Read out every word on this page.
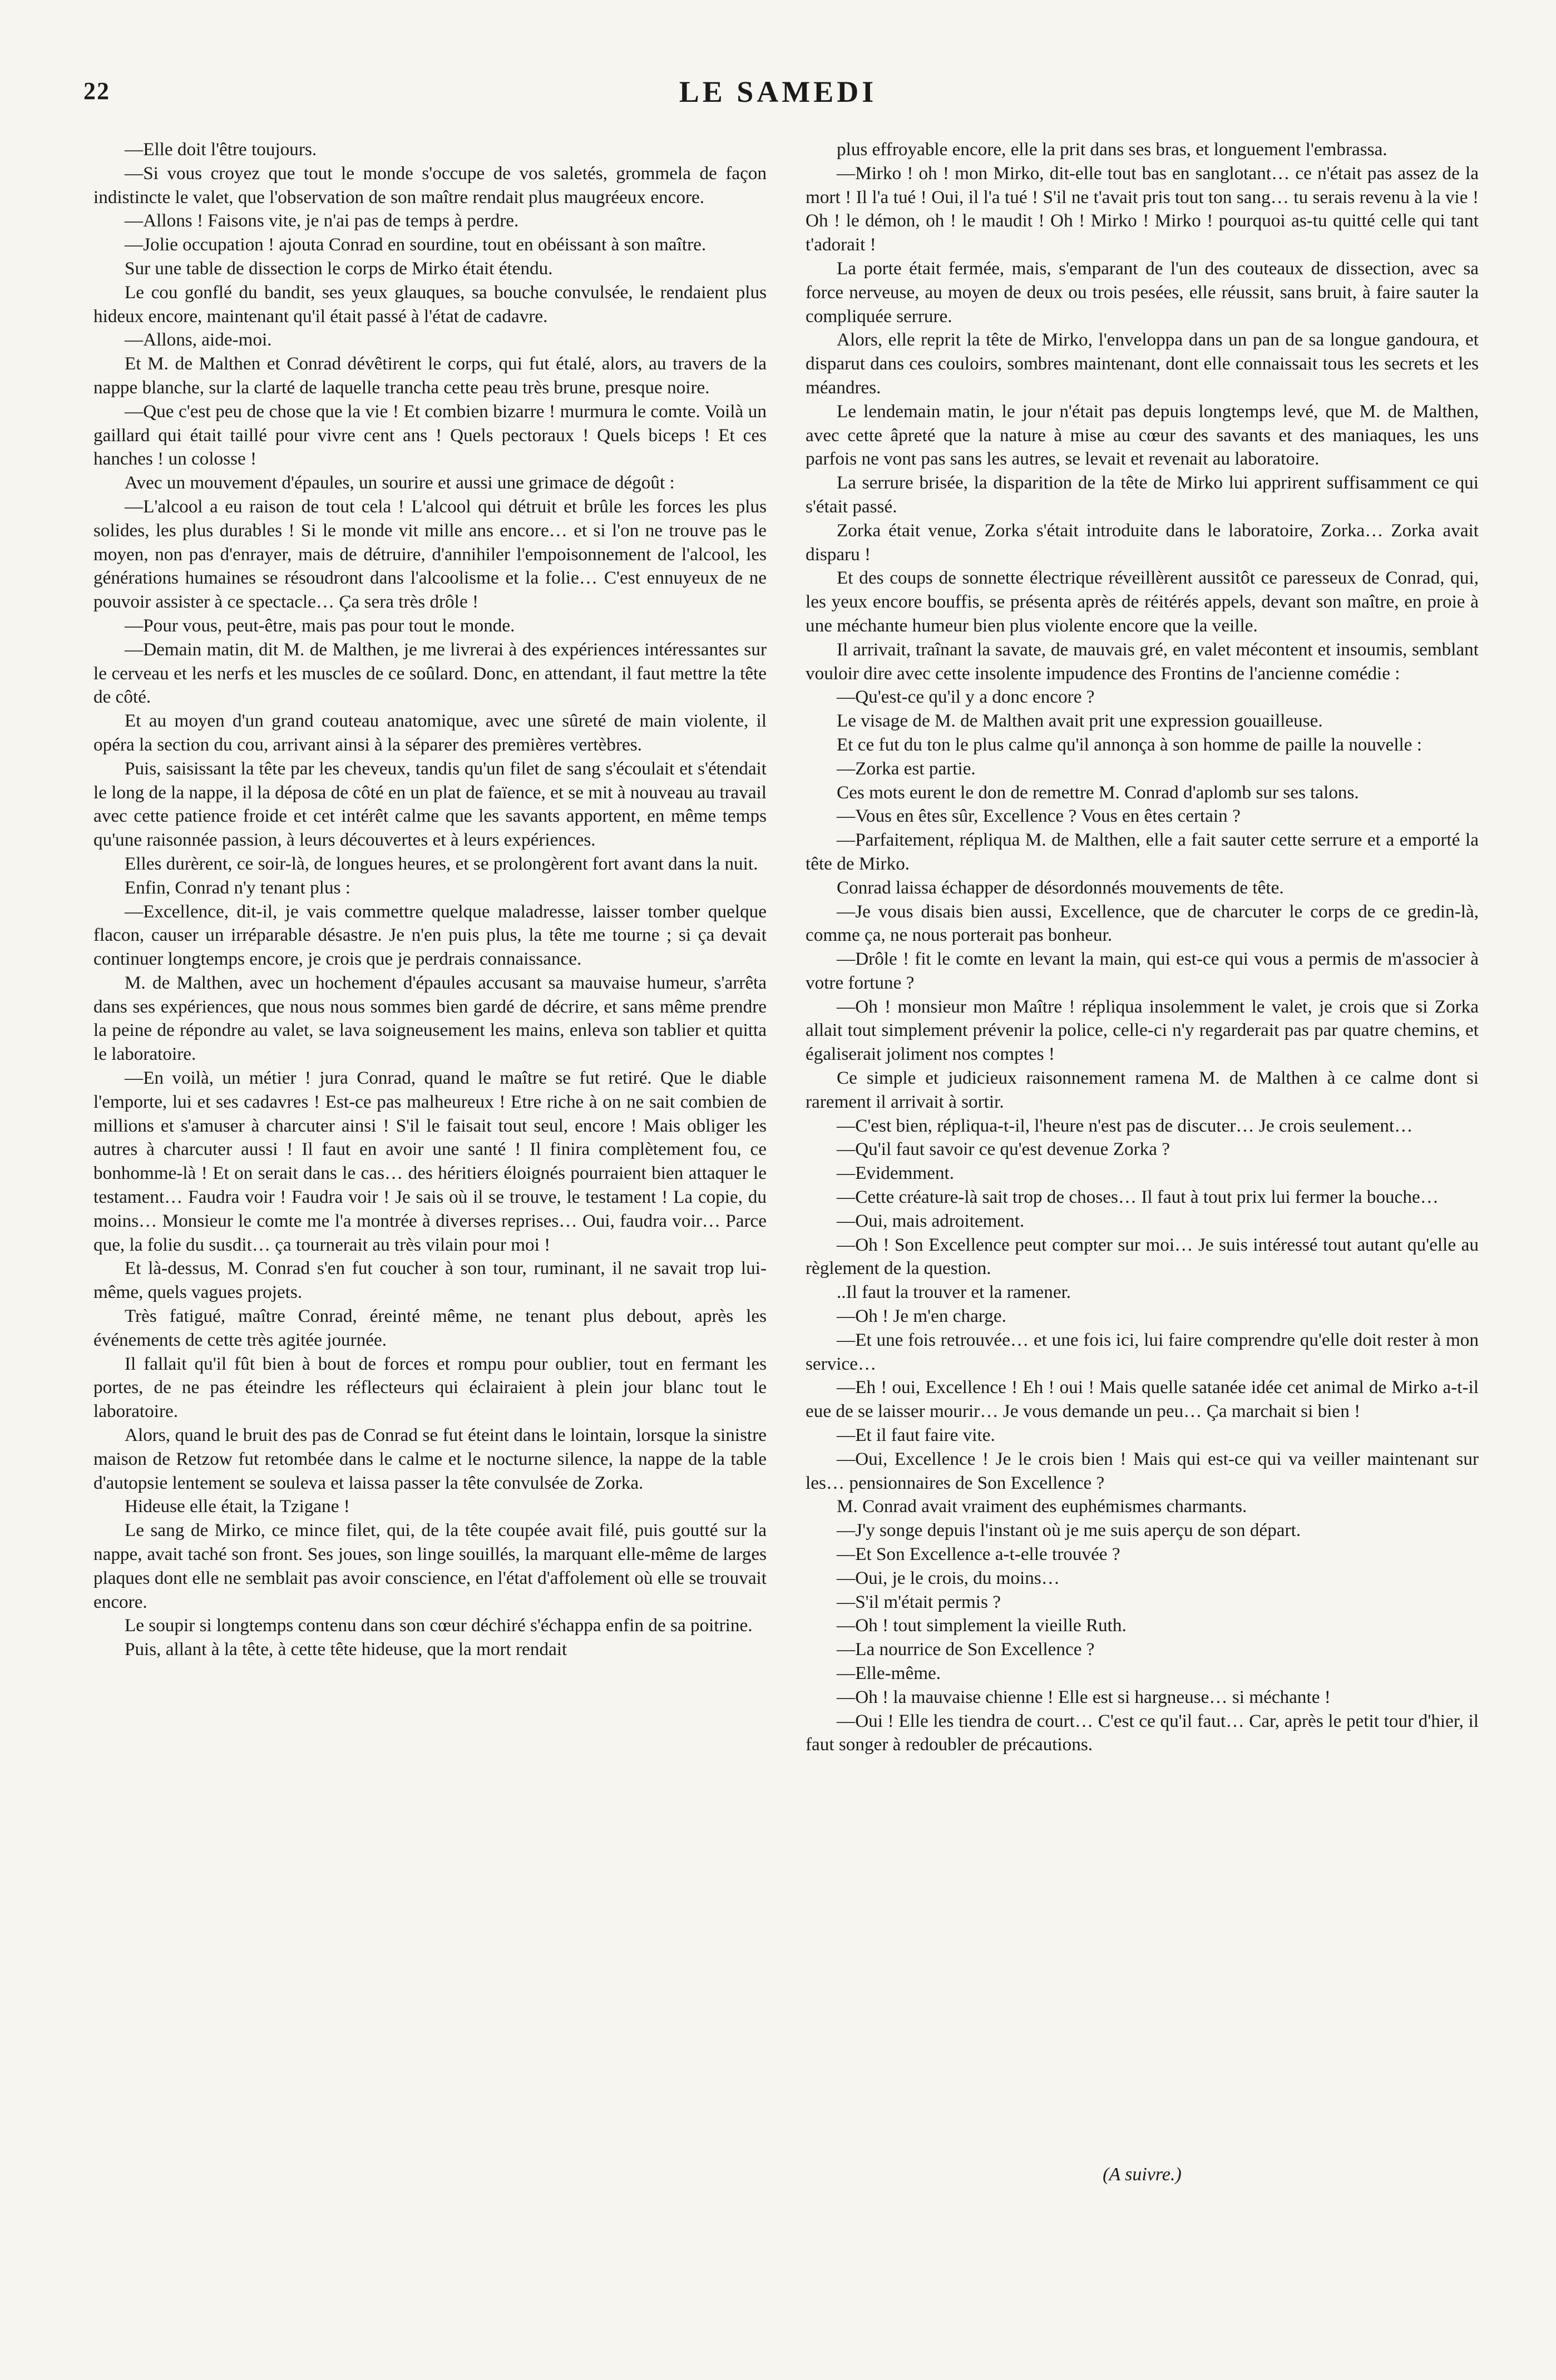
22	LE SAMEDI

—Elle doit l'être toujours.

—Si vous croyez que tout le monde s'occupe de vos saletés, grommela de façon indistincte le valet, que l'observation de son maître rendait plus maugréeux encore.

—Allons ! Faisons vite, je n'ai pas de temps à perdre.

—Jolie occupation ! ajouta Conrad en sourdine, tout en obéissant à son maître.

Sur une table de dissection le corps de Mirko était étendu.

Le cou gonflé du bandit, ses yeux glauques, sa bouche convulsée, le rendaient plus hideux encore, maintenant qu'il était passé à l'état de cadavre.

—Allons, aide-moi.

Et M. de Malthen et Conrad dévêtirent le corps, qui fut étalé, alors, au travers de la nappe blanche, sur la clarté de laquelle trancha cette peau très brune, presque noire.

—Que c'est peu de chose que la vie ! Et combien bizarre ! murmura le comte. Voilà un gaillard qui était taillé pour vivre cent ans ! Quels pectoraux ! Quels biceps ! Et ces hanches ! un colosse !

Avec un mouvement d'épaules, un sourire et aussi une grimace de dégoût :

—L'alcool a eu raison de tout cela ! L'alcool qui détruit et brûle les forces les plus solides, les plus durables ! Si le monde vit mille ans encore… et si l'on ne trouve pas le moyen, non pas d'enrayer, mais de détruire, d'annihiler l'empoisonnement de l'alcool, les générations humaines se résoudront dans l'alcoolisme et la folie… C'est ennuyeux de ne pouvoir assister à ce spectacle… Ça sera très drôle !

—Pour vous, peut-être, mais pas pour tout le monde.

—Demain matin, dit M. de Malthen, je me livrerai à des expériences intéressantes sur le cerveau et les nerfs et les muscles de ce soûlard. Donc, en attendant, il faut mettre la tête de côté.

Et au moyen d'un grand couteau anatomique, avec une sûreté de main violente, il opéra la section du cou, arrivant ainsi à la séparer des premières vertèbres.

Puis, saisissant la tête par les cheveux, tandis qu'un filet de sang s'écoulait et s'étendait le long de la nappe, il la déposa de côté en un plat de faïence, et se mit à nouveau au travail avec cette patience froide et cet intérêt calme que les savants apportent, en même temps qu'une raisonnée passion, à leurs découvertes et à leurs expériences.

Elles durèrent, ce soir-là, de longues heures, et se prolongèrent fort avant dans la nuit.

Enfin, Conrad n'y tenant plus :

—Excellence, dit-il, je vais commettre quelque maladresse, laisser tomber quelque flacon, causer un irréparable désastre. Je n'en puis plus, la tête me tourne ; si ça devait continuer longtemps encore, je crois que je perdrais connaissance.

M. de Malthen, avec un hochement d'épaules accusant sa mauvaise humeur, s'arrêta dans ses expériences, que nous nous sommes bien gardé de décrire, et sans même prendre la peine de répondre au valet, se lava soigneusement les mains, enleva son tablier et quitta le laboratoire.

—En voilà, un métier ! jura Conrad, quand le maître se fut retiré. Que le diable l'emporte, lui et ses cadavres ! Est-ce pas malheureux ! Etre riche à on ne sait combien de millions et s'amuser à charcuter ainsi ! S'il le faisait tout seul, encore ! Mais obliger les autres à charcuter aussi ! Il faut en avoir une santé ! Il finira complètement fou, ce bonhomme-là ! Et on serait dans le cas… des héritiers éloignés pourraient bien attaquer le testament… Faudra voir ! Faudra voir ! Je sais où il se trouve, le testament ! La copie, du moins… Monsieur le comte me l'a montrée à diverses reprises… Oui, faudra voir… Parce que, la folie du susdit… ça tournerait au très vilain pour moi !

Et là-dessus, M. Conrad s'en fut coucher à son tour, ruminant, il ne savait trop lui-même, quels vagues projets.

Très fatigué, maître Conrad, éreinté même, ne tenant plus debout, après les événements de cette très agitée journée.

Il fallait qu'il fût bien à bout de forces et rompu pour oublier, tout en fermant les portes, de ne pas éteindre les réflecteurs qui éclairaient à plein jour blanc tout le laboratoire.

Alors, quand le bruit des pas de Conrad se fut éteint dans le lointain, lorsque la sinistre maison de Retzow fut retombée dans le calme et le nocturne silence, la nappe de la table d'autopsie lentement se souleva et laissa passer la tête convulsée de Zorka.

Hideuse elle était, la Tzigane !

Le sang de Mirko, ce mince filet, qui, de la tête coupée avait filé, puis goutté sur la nappe, avait taché son front. Ses joues, son linge souillés, la marquant elle-même de larges plaques dont elle ne semblait pas avoir conscience, en l'état d'affolement où elle se trouvait encore.

Le soupir si longtemps contenu dans son cœur déchiré s'échappa enfin de sa poitrine.

Puis, allant à la tête, à cette tête hideuse, que la mort rendait

plus effroyable encore, elle la prit dans ses bras, et longuement l'embrassa.

—Mirko ! oh ! mon Mirko, dit-elle tout bas en sanglotant… ce n'était pas assez de la mort ! Il l'a tué ! Oui, il l'a tué ! S'il ne t'avait pris tout ton sang… tu serais revenu à la vie ! Oh ! le démon, oh ! le maudit ! Oh ! Mirko ! Mirko ! pourquoi as-tu quitté celle qui tant t'adorait !

La porte était fermée, mais, s'emparant de l'un des couteaux de dissection, avec sa force nerveuse, au moyen de deux ou trois pesées, elle réussit, sans bruit, à faire sauter la compliquée serrure.

Alors, elle reprit la tête de Mirko, l'enveloppa dans un pan de sa longue gandoura, et disparut dans ces couloirs, sombres maintenant, dont elle connaissait tous les secrets et les méandres.

Le lendemain matin, le jour n'était pas depuis longtemps levé, que M. de Malthen, avec cette âpreté que la nature à mise au cœur des savants et des maniaques, les uns parfois ne vont pas sans les autres, se levait et revenait au laboratoire.

La serrure brisée, la disparition de la tête de Mirko lui apprirent suffisamment ce qui s'était passé.

Zorka était venue, Zorka s'était introduite dans le laboratoire, Zorka… Zorka avait disparu !

Et des coups de sonnette électrique réveillèrent aussitôt ce paresseux de Conrad, qui, les yeux encore bouffis, se présenta après de réitérés appels, devant son maître, en proie à une méchante humeur bien plus violente encore que la veille.

Il arrivait, traînant la savate, de mauvais gré, en valet mécontent et insoumis, semblant vouloir dire avec cette insolente impudence des Frontins de l'ancienne comédie :

—Qu'est-ce qu'il y a donc encore ?

Le visage de M. de Malthen avait prit une expression gouailleuse.

Et ce fut du ton le plus calme qu'il annonça à son homme de paille la nouvelle :

—Zorka est partie.

Ces mots eurent le don de remettre M. Conrad d'aplomb sur ses talons.

—Vous en êtes sûr, Excellence ? Vous en êtes certain ?

—Parfaitement, répliqua M. de Malthen, elle a fait sauter cette serrure et a emporté la tête de Mirko.

Conrad laissa échapper de désordonnés mouvements de tête.

—Je vous disais bien aussi, Excellence, que de charcuter le corps de ce gredin-là, comme ça, ne nous porterait pas bonheur.

—Drôle ! fit le comte en levant la main, qui est-ce qui vous a permis de m'associer à votre fortune ?

—Oh ! monsieur mon Maître ! répliqua insolemment le valet, je crois que si Zorka allait tout simplement prévenir la police, celle-ci n'y regarderait pas par quatre chemins, et égaliserait joliment nos comptes !

Ce simple et judicieux raisonnement ramena M. de Malthen à ce calme dont si rarement il arrivait à sortir.

—C'est bien, répliqua-t-il, l'heure n'est pas de discuter… Je crois seulement…

—Qu'il faut savoir ce qu'est devenue Zorka ?

—Evidemment.

—Cette créature-là sait trop de choses… Il faut à tout prix lui fermer la bouche…

—Oui, mais adroitement.

—Oh ! Son Excellence peut compter sur moi… Je suis intéressé tout autant qu'elle au règlement de la question.

..Il faut la trouver et la ramener.

—Oh ! Je m'en charge.

—Et une fois retrouvée… et une fois ici, lui faire comprendre qu'elle doit rester à mon service…

—Eh ! oui, Excellence ! Eh ! oui ! Mais quelle satanée idée cet animal de Mirko a-t-il eue de se laisser mourir… Je vous demande un peu… Ça marchait si bien !

—Et il faut faire vite.

—Oui, Excellence ! Je le crois bien ! Mais qui est-ce qui va veiller maintenant sur les… pensionnaires de Son Excellence ?

M. Conrad avait vraiment des euphémismes charmants.

—J'y songe depuis l'instant où je me suis aperçu de son départ.

—Et Son Excellence a-t-elle trouvée ?

—Oui, je le crois, du moins…

—S'il m'était permis ?

—Oh ! tout simplement la vieille Ruth.

—La nourrice de Son Excellence ?

—Elle-même.

—Oh ! la mauvaise chienne ! Elle est si hargneuse… si méchante !

—Oui ! Elle les tiendra de court… C'est ce qu'il faut… Car, après le petit tour d'hier, il faut songer à redoubler de précautions.

(A suivre.)
